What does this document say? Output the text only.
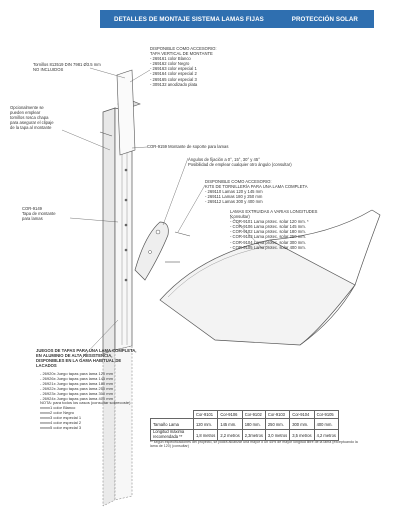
DETALLES DE MONTAJE SISTEMA LAMAS FIJAS	PROTECCIÓN SOLAR
Tornillos 813519 DIN 7981 Ø3.5 mm
NO INCLUIDOS
DISPONIBLE COMO ACCESORIO:
TAPA VERTICAL DE MONTANTE
- 269161 color Blanco
- 269162 color Negro
- 269163 color especial 1
- 269164 color especial 2
- 269165 color especial 3
- 309132 anodizado plata
Opcionalmente se
pueden emplear
tornillos rosca chapa
para asegurar el clipaje
de la tapa al montante
COR-9159 Montante de soporte para lamas
Ángulos de fijación a 0°, 15°, 30° y 45°
Posibilidad de emplear cualquier otro ángulo (consultar)
DISPONIBLE COMO ACCESORIO:
KITS DE TORNILLERÍA PARA UNA LAMA COMPLETA
- 269110 Lamas 120 y 145 mm
- 269111 Lamas 180 y 250 mm
- 269112 Lamas 300 y 400 mm
LAMAS EXTRUIDAS A VARIAS LONGITUDES
(consultar)
- COR-9101 Lama protec. solar 120 mm. *
- COR-9106 Lama protec. solar 145 mm.
- COR-9102 Lama protec. solar 180 mm.
- COR-9103 Lama protec. solar 250 mm.
- COR-9104 Lama protec. solar 300 mm.
- COR-9105 Lama protec. solar 400 mm.
COR-9149
Tapa de montante
para lamas
JUEGOS DE TAPAS PARA UNA LAMA COMPLETA,
EN ALUMINIO DE ALTA RESISTENCIA,
DISPONIBLES EN LA GAMA HABITUAL DE
LACADOS
- 26920x Juego tapas para lama 120 mm
- 26926x Juego tapas para lama 145 mm
- 26921x Juego tapas para lama 180 mm
- 26922x Juego tapas para lama 250 mm
- 26923x Juego tapas para lama 300 mm
- 26924x Juego tapas para lama 400 mm
NOTA: para todos los casos (consultar sobrecoste)
xxxxx1 color Blanco
xxxxx2 color Negro
xxxxx3 color especial 1
xxxxx4 color especial 2
xxxxx5 color especial 3
	Cor-9101	Cor-9106	Cor-9102	Cor-9103	Cor-9104	Cor-9105
Tamaño Lama	120 mm.	145 mm.	180 mm.	250 mm.	300 mm.	400 mm.
Longitud máxima recomendada **	1,8 metros	2,2 metros	2,3metros	3,0 metros	3,5 metros	4,2 metros
** según especificaciones del proyecto, se podrá alcanzar una mayor o un 45% de mayor longitud libre de la lama (exceptuando la lama de 120) (consultar)
